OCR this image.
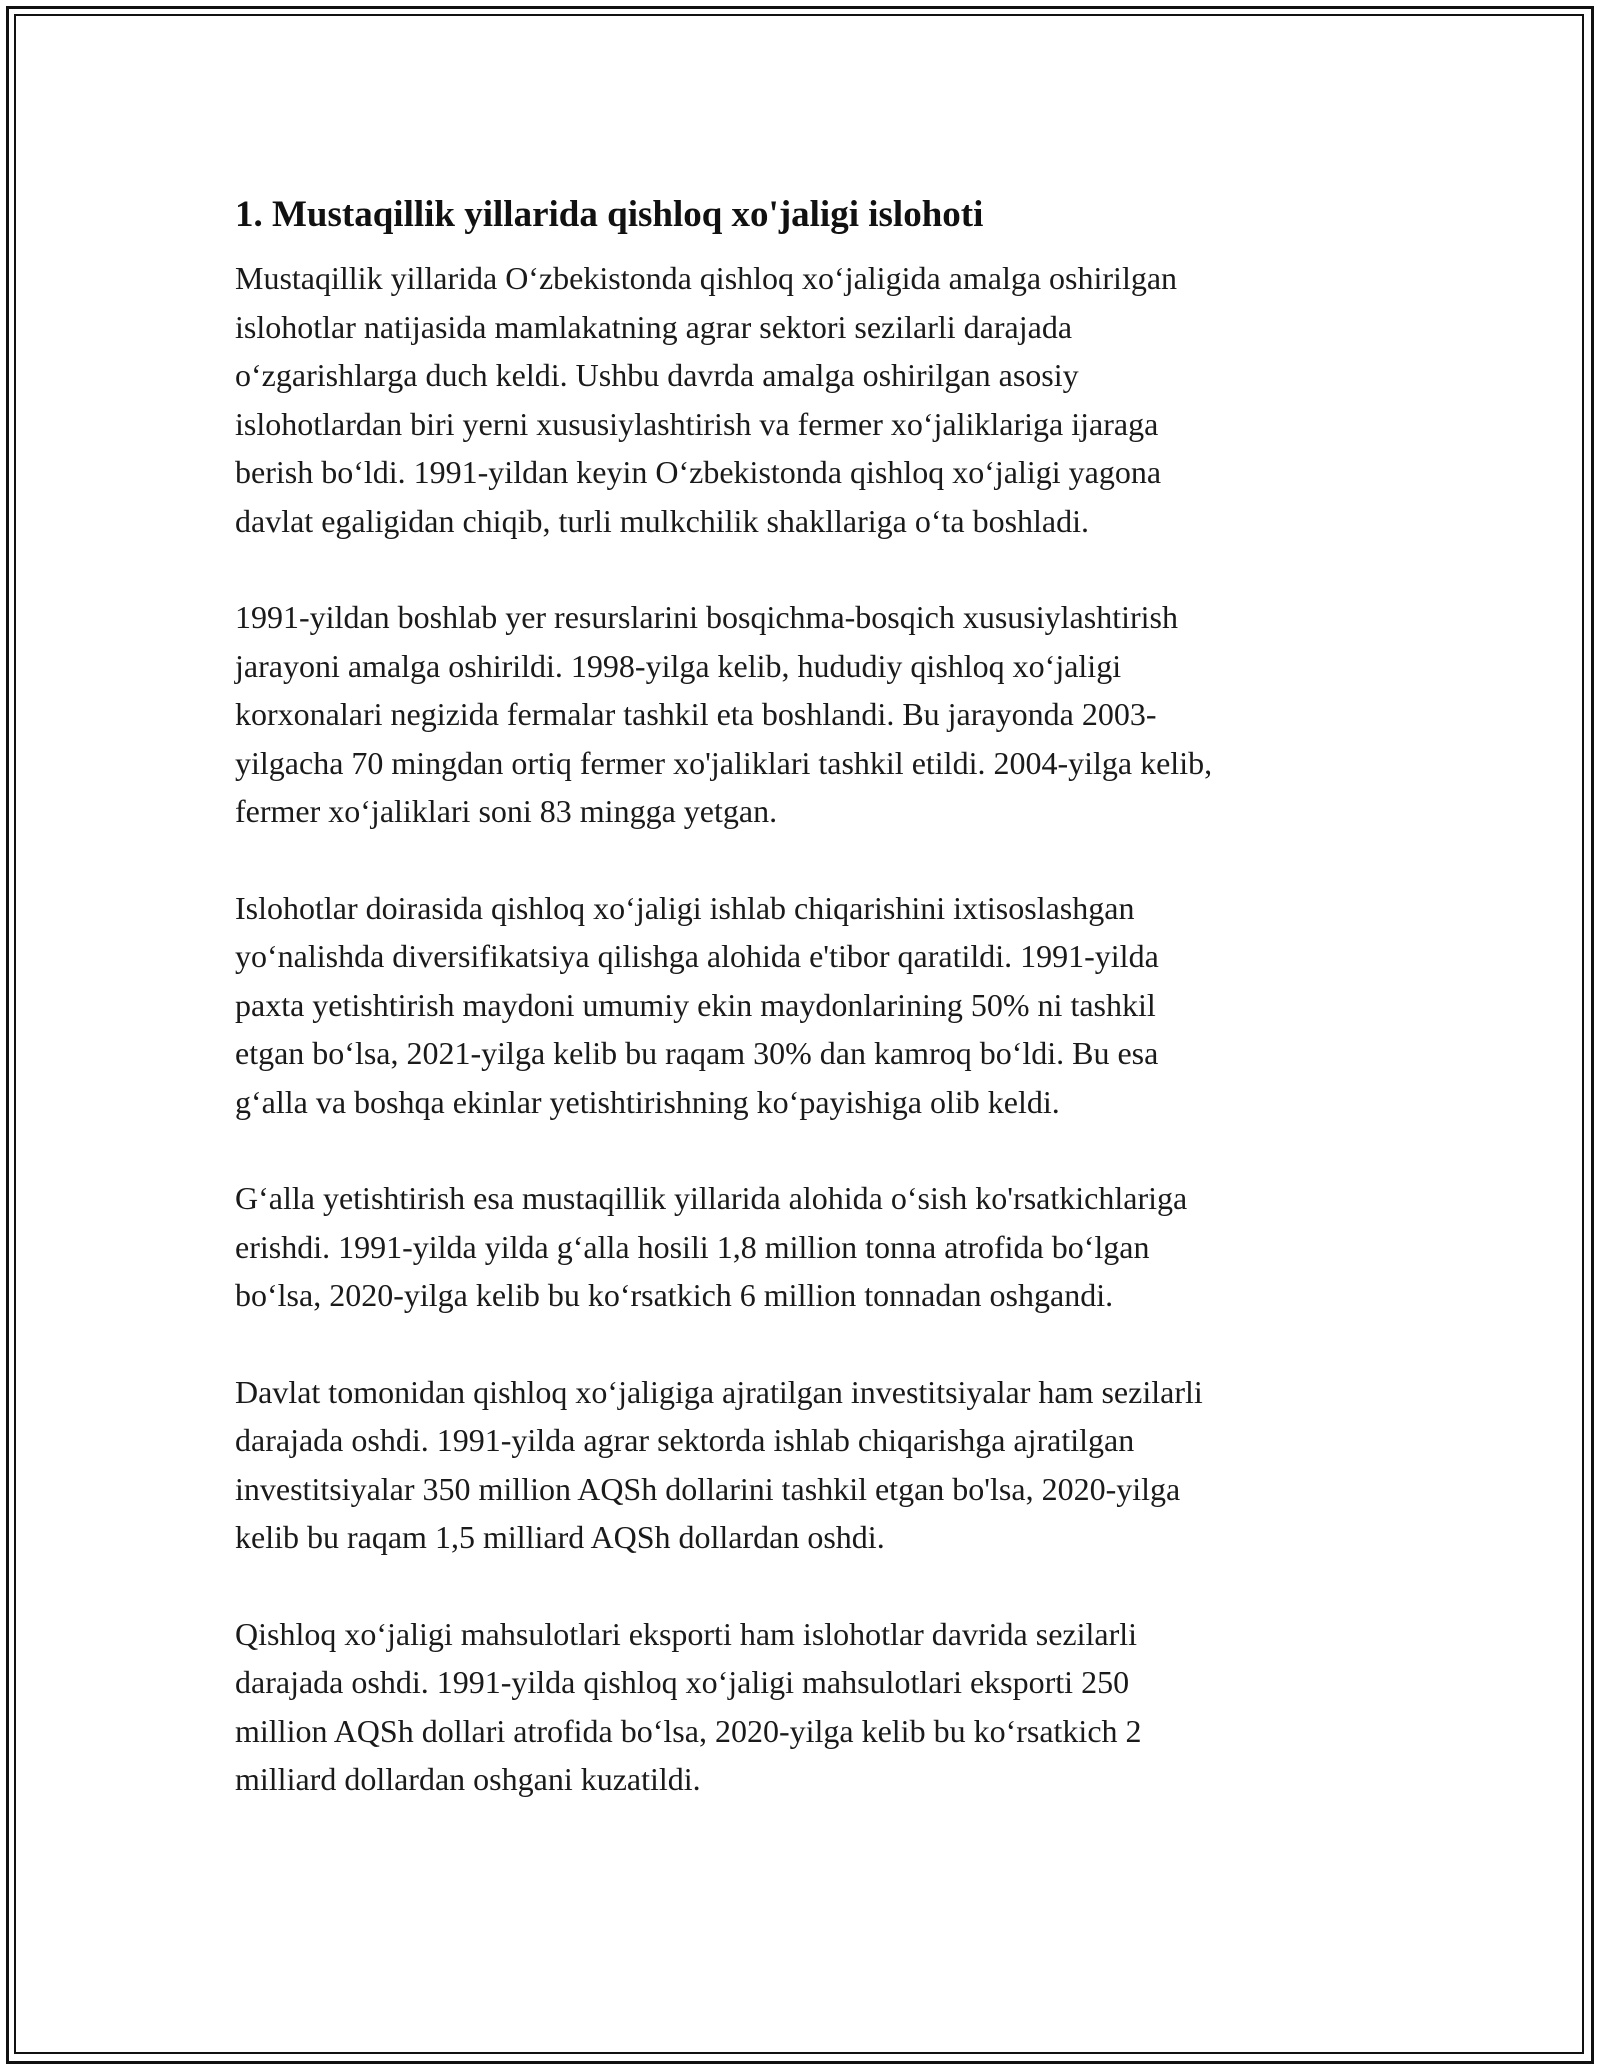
1. Mustaqillik yillarida qishloq xo'jaligi islohoti

Mustaqillik yillarida O‘zbekistonda qishloq xo‘jaligida amalga oshirilgan
islohotlar natijasida mamlakatning agrar sektori sezilarli darajada
o‘zgarishlarga duch keldi. Ushbu davrda amalga oshirilgan asosiy
islohotlardan biri yerni xususiylashtirish va fermer xo‘jaliklariga ijaraga
berish bo‘ldi. 1991-yildan keyin O‘zbekistonda qishloq xo‘jaligi yagona
davlat egaligidan chiqib, turli mulkchilik shakllariga o‘ta boshladi.

1991-yildan boshlab yer resurslarini bosqichma-bosqich xususiylashtirish
jarayoni amalga oshirildi. 1998-yilga kelib, hududiy qishloq xo‘jaligi
korxonalari negizida fermalar tashkil eta boshlandi. Bu jarayonda 2003-
yilgacha 70 mingdan ortiq fermer xo'jaliklari tashkil etildi. 2004-yilga kelib,
fermer xo‘jaliklari soni 83 mingga yetgan.

Islohotlar doirasida qishloq xo‘jaligi ishlab chiqarishini ixtisoslashgan
yo‘nalishda diversifikatsiya qilishga alohida e'tibor qaratildi. 1991-yilda
paxta yetishtirish maydoni umumiy ekin maydonlarining 50% ni tashkil
etgan bo‘lsa, 2021-yilga kelib bu raqam 30% dan kamroq bo‘ldi. Bu esa
g‘alla va boshqa ekinlar yetishtirishning ko‘payishiga olib keldi.

G‘alla yetishtirish esa mustaqillik yillarida alohida o‘sish ko'rsatkichlariga
erishdi. 1991-yilda yilda g‘alla hosili 1,8 million tonna atrofida bo‘lgan
bo‘lsa, 2020-yilga kelib bu ko‘rsatkich 6 million tonnadan oshgandi.

Davlat tomonidan qishloq xo‘jaligiga ajratilgan investitsiyalar ham sezilarli
darajada oshdi. 1991-yilda agrar sektorda ishlab chiqarishga ajratilgan
investitsiyalar 350 million AQSh dollarini tashkil etgan bo'lsa, 2020-yilga
kelib bu raqam 1,5 milliard AQSh dollardan oshdi.

Qishloq xo‘jaligi mahsulotlari eksporti ham islohotlar davrida sezilarli
darajada oshdi. 1991-yilda qishloq xo‘jaligi mahsulotlari eksporti 250
million AQSh dollari atrofida bo‘lsa, 2020-yilga kelib bu ko‘rsatkich 2
milliard dollardan oshgani kuzatildi.
